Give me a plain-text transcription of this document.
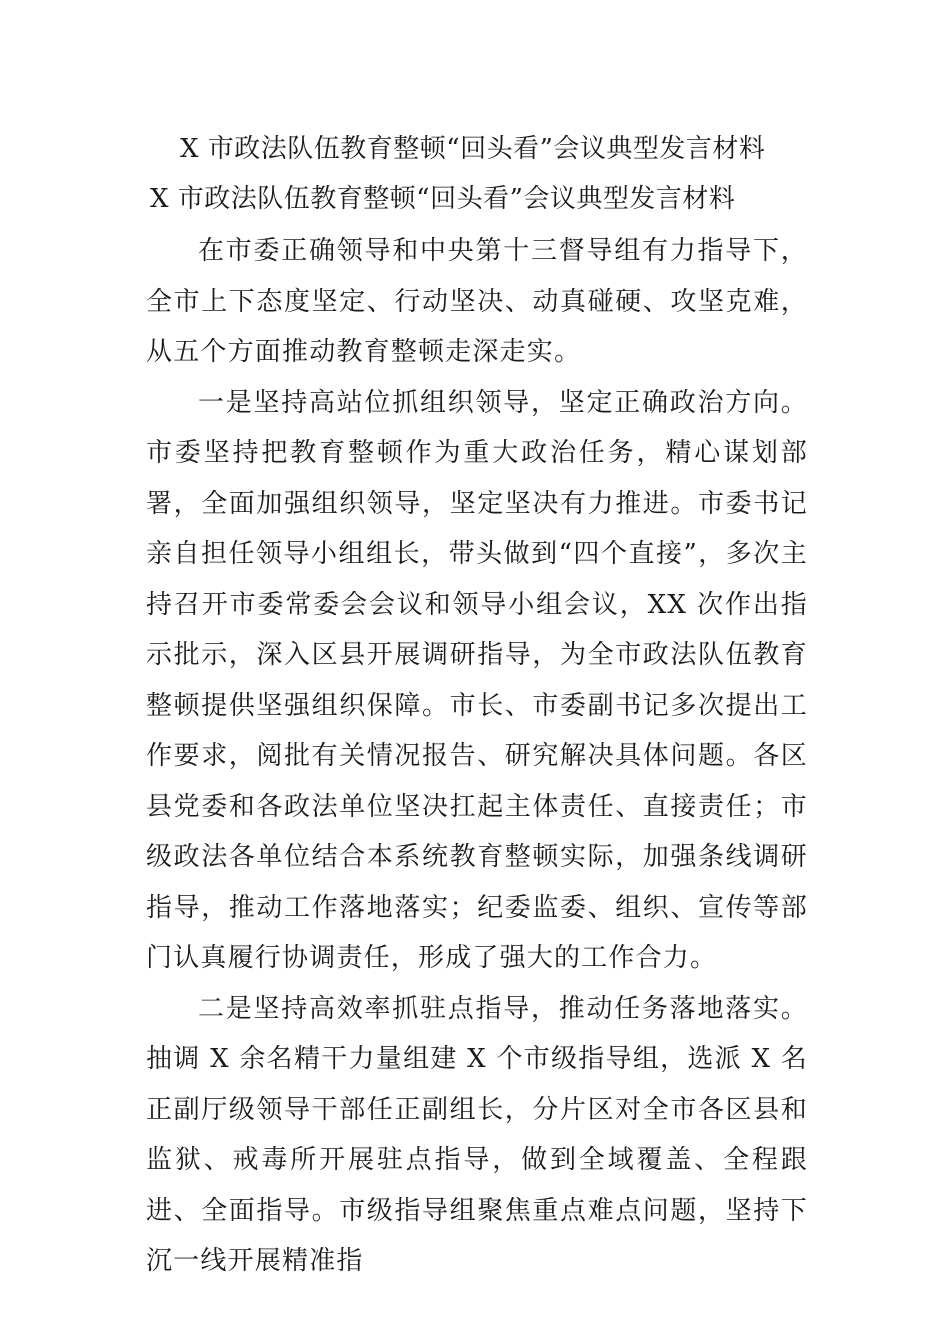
X 市政法队伍教育整顿“回头看”会议典型发言材料
X 市政法队伍教育整顿“回头看”会议典型发言材料

在市委正确领导和中央第十三督导组有力指导下，全市上下态度坚定、行动坚决、动真碰硬、攻坚克难，从五个方面推动教育整顿走深走实。

一是坚持高站位抓组织领导，坚定正确政治方向。市委坚持把教育整顿作为重大政治任务，精心谋划部署，全面加强组织领导，坚定坚决有力推进。市委书记亲自担任领导小组组长，带头做到“四个直接”，多次主持召开市委常委会会议和领导小组会议，XX 次作出指示批示，深入区县开展调研指导，为全市政法队伍教育整顿提供坚强组织保障。市长、市委副书记多次提出工作要求，阅批有关情况报告、研究解决具体问题。各区县党委和各政法单位坚决扛起主体责任、直接责任；市级政法各单位结合本系统教育整顿实际，加强条线调研指导，推动工作落地落实；纪委监委、组织、宣传等部门认真履行协调责任，形成了强大的工作合力。

二是坚持高效率抓驻点指导，推动任务落地落实。抽调 X 余名精干力量组建 X 个市级指导组，选派 X 名正副厅级领导干部任正副组长，分片区对全市各区县和监狱、戒毒所开展驻点指导，做到全域覆盖、全程跟进、全面指导。市级指导组聚焦重点难点问题，坚持下沉一线开展精准指
